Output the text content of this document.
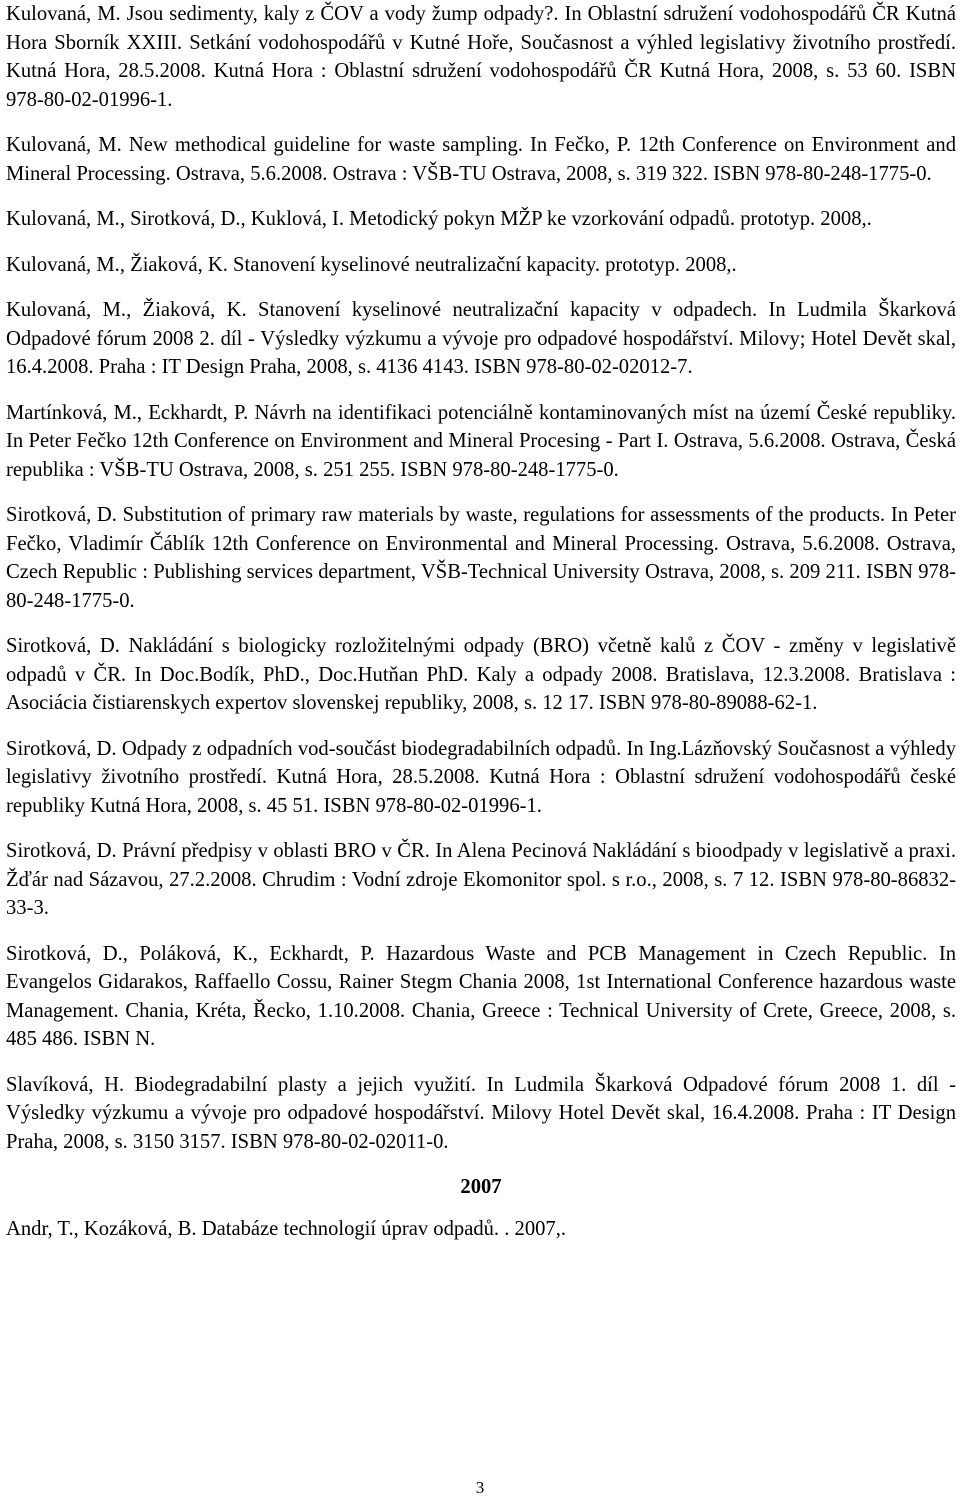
Kulovaná, M. Jsou sedimenty, kaly z ČOV a vody žump odpady?. In Oblastní sdružení vodohospodářů ČR Kutná Hora Sborník XXIII. Setkání vodohospodářů v Kutné Hoře, Současnost a výhled legislativy životního prostředí. Kutná Hora, 28.5.2008. Kutná Hora : Oblastní sdružení vodohospodářů ČR Kutná Hora, 2008, s. 53 60. ISBN 978-80-02-01996-1.

Kulovaná, M. New methodical guideline for waste sampling. In Fečko, P. 12th Conference on Environment and Mineral Processing. Ostrava, 5.6.2008. Ostrava : VŠB-TU Ostrava, 2008, s. 319 322. ISBN 978-80-248-1775-0.

Kulovaná, M., Sirotková, D., Kuklová, I. Metodický pokyn MŽP ke vzorkování odpadů. prototyp. 2008,.

Kulovaná, M., Žiaková, K. Stanovení kyselinové neutralizační kapacity. prototyp. 2008,.

Kulovaná, M., Žiaková, K. Stanovení kyselinové neutralizační kapacity v odpadech. In Ludmila Škarková Odpadové fórum 2008 2. díl - Výsledky výzkumu a vývoje pro odpadové hospodářství. Milovy; Hotel Devět skal, 16.4.2008. Praha : IT Design Praha, 2008, s. 4136 4143. ISBN 978-80-02-02012-7.

Martínková, M., Eckhardt, P. Návrh na identifikaci potenciálně kontaminovaných míst na území České republiky. In Peter Fečko 12th Conference on Environment and Mineral Procesing - Part I. Ostrava, 5.6.2008. Ostrava, Česká republika : VŠB-TU Ostrava, 2008, s. 251 255. ISBN 978-80-248-1775-0.

Sirotková, D. Substitution of primary raw materials by waste, regulations for assessments of the products. In Peter Fečko, Vladimír Čáblík 12th Conference on Environmental and Mineral Processing. Ostrava, 5.6.2008. Ostrava, Czech Republic : Publishing services department, VŠB-Technical University Ostrava, 2008, s. 209 211. ISBN 978-80-248-1775-0.

Sirotková, D. Nakládání s biologicky rozložitelnými odpady (BRO) včetně kalů z ČOV - změny v legislativě odpadů v ČR. In Doc.Bodík, PhD., Doc.Hutňan PhD. Kaly a odpady 2008. Bratislava, 12.3.2008. Bratislava : Asociácia čistiarenskych expertov slovenskej republiky, 2008, s. 12 17. ISBN 978-80-89088-62-1.

Sirotková, D. Odpady z odpadních vod-součást biodegradabilních odpadů. In Ing.Lázňovský Současnost a výhledy legislativy životního prostředí. Kutná Hora, 28.5.2008. Kutná Hora : Oblastní sdružení vodohospodářů české republiky Kutná Hora, 2008, s. 45 51. ISBN 978-80-02-01996-1.

Sirotková, D. Právní předpisy v oblasti BRO v ČR. In Alena Pecinová Nakládání s bioodpady v legislativě a praxi. Žďár nad Sázavou, 27.2.2008. Chrudim : Vodní zdroje Ekomonitor spol. s r.o., 2008, s. 7 12. ISBN 978-80-86832-33-3.

Sirotková, D., Poláková, K., Eckhardt, P. Hazardous Waste and PCB Management in Czech Republic. In Evangelos Gidarakos, Raffaello Cossu, Rainer Stegm Chania 2008, 1st International Conference hazardous waste Management. Chania, Kréta, Řecko, 1.10.2008. Chania, Greece : Technical University of Crete, Greece, 2008, s. 485 486. ISBN N.

Slavíková, H. Biodegradabilní plasty a jejich využití. In Ludmila Škarková Odpadové fórum 2008 1. díl - Výsledky výzkumu a vývoje pro odpadové hospodářství. Milovy Hotel Devět skal, 16.4.2008. Praha : IT Design Praha, 2008, s. 3150 3157. ISBN 978-80-02-02011-0.

2007

Andr, T., Kozáková, B. Databáze technologií úprav odpadů. . 2007,.

3
